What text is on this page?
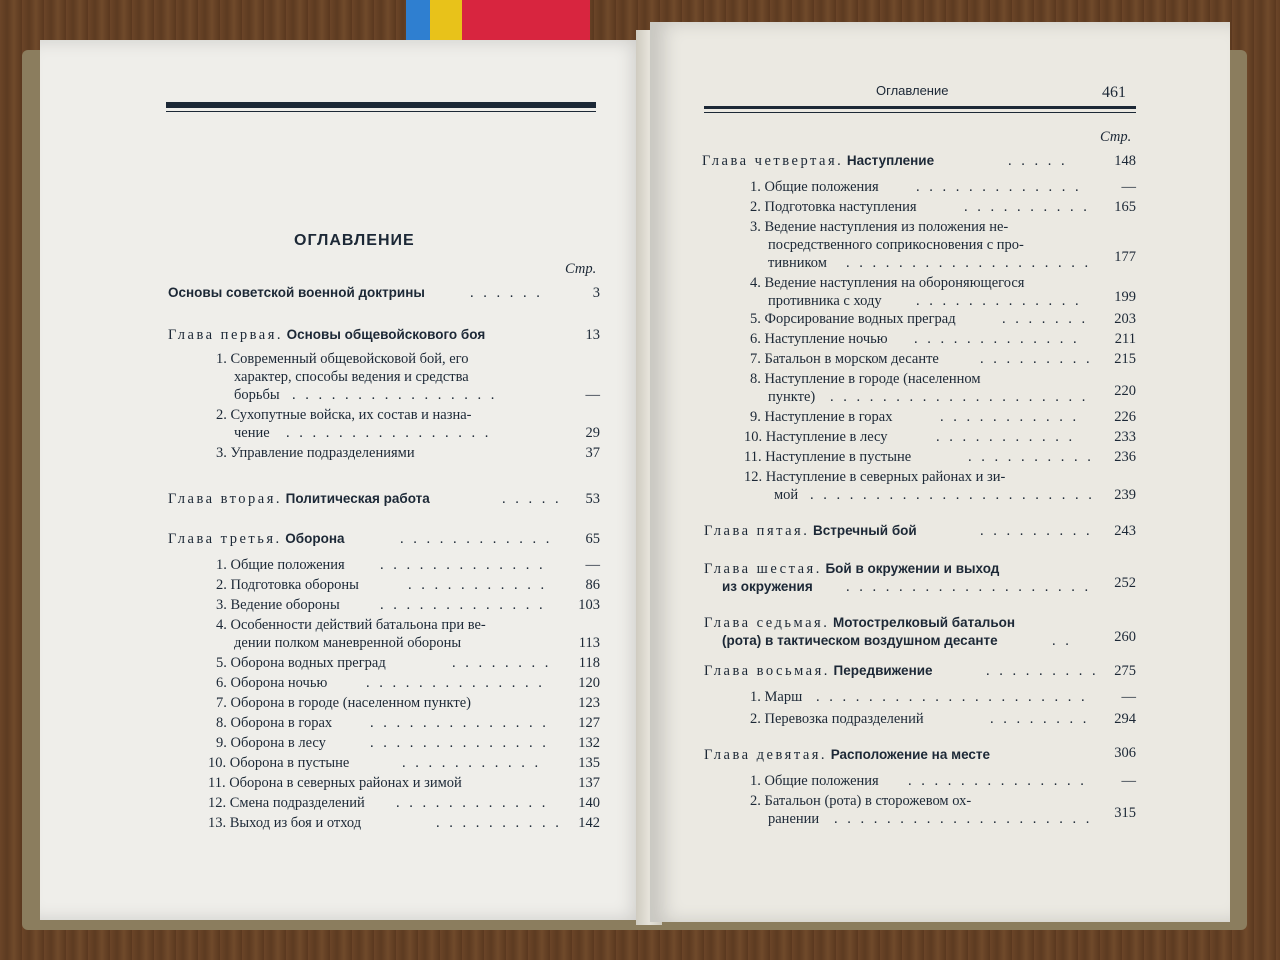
ОГЛАВЛЕНИЕ
Стр.
Основы советской военной доктрины	. . . . . .	3
Глава первая. Основы общевойскового боя	13
1. Современный общевойсковой бой, его
характер, способы ведения и средства
борьбы . . . . . . . . . . . . . . . .	—
2. Сухопутные войска, их состав и назна-
чение . . . . . . . . . . . . . . . .	29
3. Управление подразделениями	37
Глава вторая. Политическая работа	. . . . .	53
Глава третья. Оборона	. . . . . . . . . . . .	65
1. Общие положения . . . . . . . . . . . . .	—
2. Подготовка обороны	. . . . . . . . . . .	86
3. Ведение обороны	. . . . . . . . . . . . .	103
4. Особенности действий батальона при ве-
дении полком маневренной обороны	113
5. Оборона водных преград	. . . . . . . .	118
6. Оборона ночью	. . . . . . . . . . . . . .	120
7. Оборона в городе (населенном пункте)	123
8. Оборона в горах	. . . . . . . . . . . . . .	127
9. Оборона в лесу	. . . . . . . . . . . . . .	132
10. Оборона в пустыне	. . . . . . . . . . .	135
11. Оборона в северных районах и зимой	137
12. Смена подразделений . . . . . . . . . . . .	140
13. Выход из боя и отход	. . . . . . . . . .	142
Оглавление	461
Стр.
Глава четвертая. Наступление	. . . . .	148
1. Общие положения	. . . . . . . . . . . . .	—
2. Подготовка наступления	. . . . . . . . . .	165
3. Ведение наступления из положения не-
посредственного соприкосновения с про-
тивником . . . . . . . . . . . . . . . . . . .	177
4. Ведение наступления на обороняющегося
противника с ходу . . . . . . . . . . . . .	199
5. Форсирование водных преград	. . . . . . .	203
6. Наступление ночью . . . . . . . . . . . . .	211
7. Батальон в морском десанте	. . . . . . . . .	215
8. Наступление в городе (населенном
пункте) . . . . . . . . . . . . . . . . . . . .	220
9. Наступление в горах	. . . . . . . . . . .	226
10. Наступление в лесу	. . . . . . . . . . .	233
11. Наступление в пустыне	. . . . . . . . . .	236
12. Наступление в северных районах и зи-
мой . . . . . . . . . . . . . . . . . . . . . .	239
Глава пятая. Встречный бой	. . . . . . . . .	243
Глава шестая. Бой в окружении и выход
из окружения . . . . . . . . . . . . . . . . . . .	252
Глава седьмая. Мотострелковый батальон
(рота) в тактическом воздушном десанте	. .	260
Глава восьмая. Передвижение	. . . . . . . . .	275
1. Марш . . . . . . . . . . . . . . . . . . . . .	—
2. Перевозка подразделений	. . . . . . . .	294
Глава девятая. Расположение на месте	306
1. Общие положения . . . . . . . . . . . . . .	—
2. Батальон (рота) в сторожевом ох-
ранении . . . . . . . . . . . . . . . . . . . .	315
